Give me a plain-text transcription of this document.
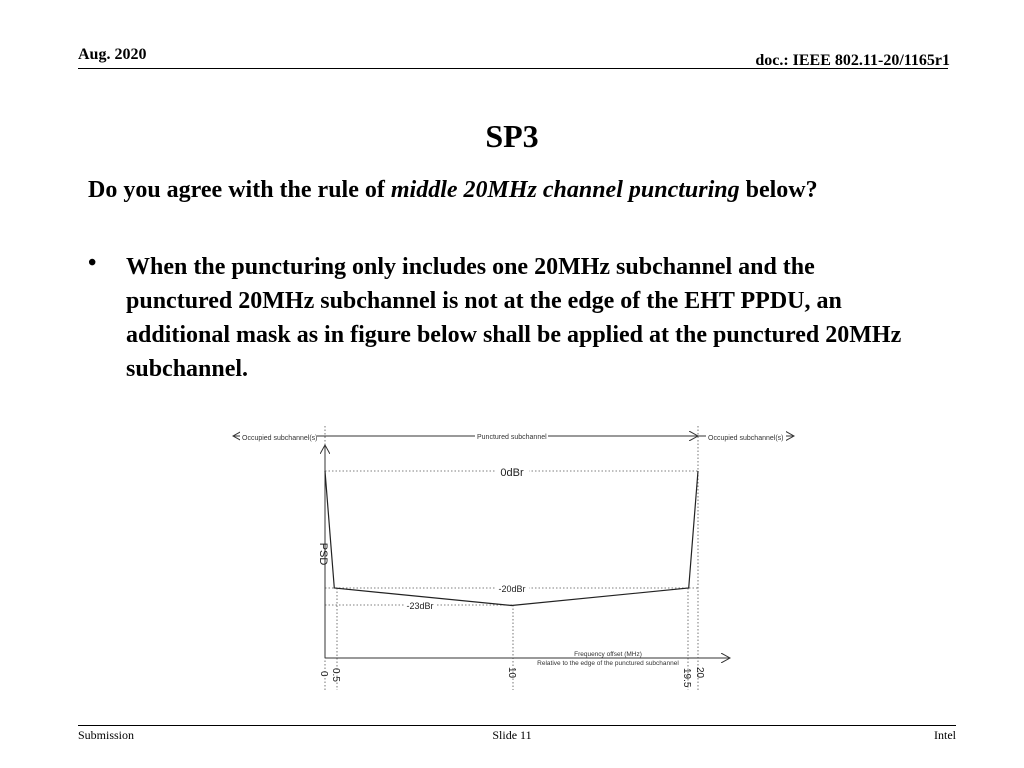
Aug. 2020	doc.: IEEE 802.11-20/1165r1
SP3
Do you agree with the rule of middle 20MHz channel puncturing below?
• When the puncturing only includes one 20MHz subchannel and the punctured 20MHz subchannel is not at the edge of the EHT PPDU, an additional mask as in figure below shall be applied at the punctured 20MHz subchannel.
Occupied subchannel(s)	Punctured subchannel	Occupied subchannel(s)
0dBr
-20dBr
-23dBr
PSD
Frequency offset (MHz)
Relative to the edge of the punctured subchannel
0 0.5	10	19.5 20
Submission	Slide 11	Intel
